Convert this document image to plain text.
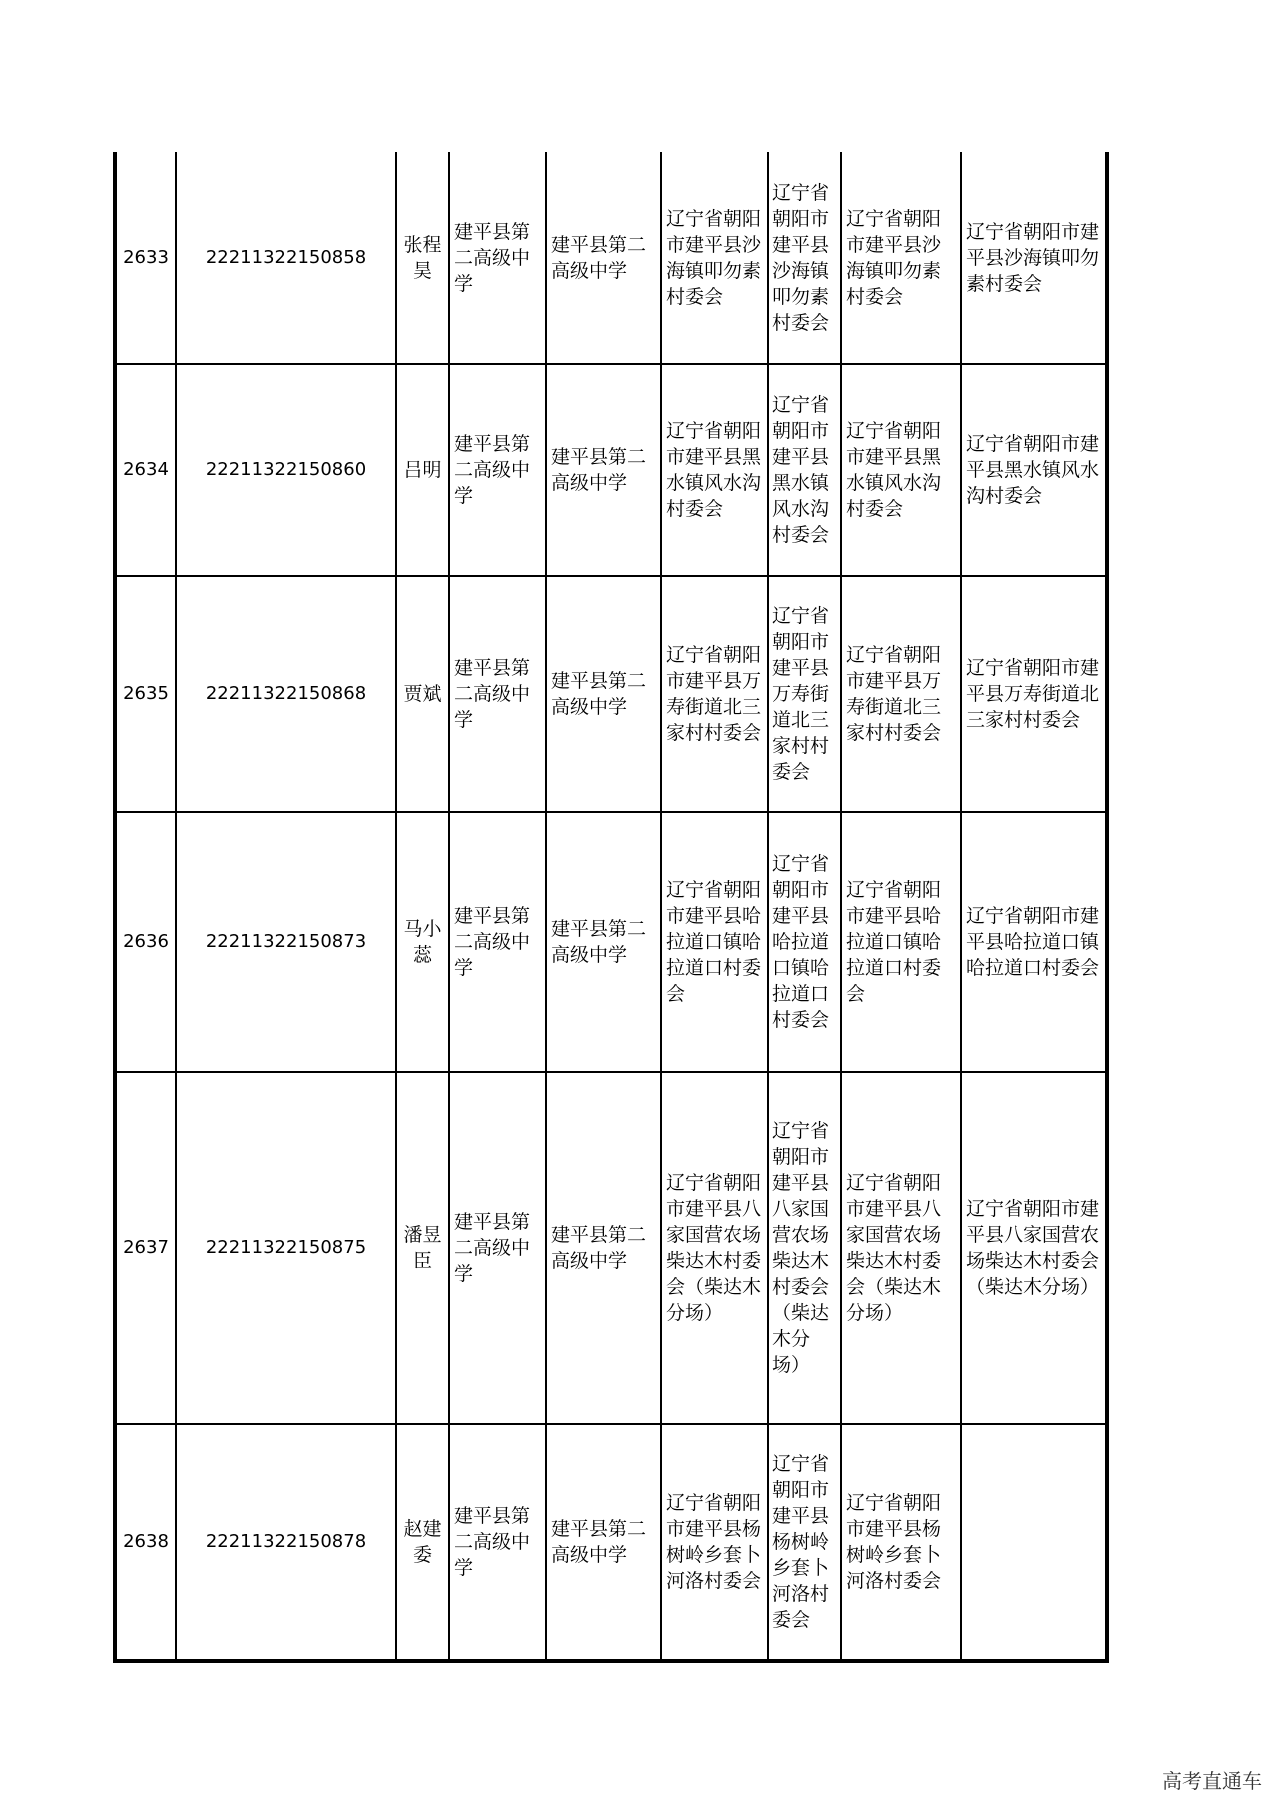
2633	22211322150858	张程昊	建平县第二高级中学	建平县第二高级中学	辽宁省朝阳市建平县沙海镇叩勿素村委会	辽宁省朝阳市建平县沙海镇叩勿素村委会	辽宁省朝阳市建平县沙海镇叩勿素村委会	辽宁省朝阳市建平县沙海镇叩勿素村委会
2634	22211322150860	吕明	建平县第二高级中学	建平县第二高级中学	辽宁省朝阳市建平县黑水镇风水沟村委会	辽宁省朝阳市建平县黑水镇风水沟村委会	辽宁省朝阳市建平县黑水镇风水沟村委会	辽宁省朝阳市建平县黑水镇风水沟村委会
2635	22211322150868	贾斌	建平县第二高级中学	建平县第二高级中学	辽宁省朝阳市建平县万寿街道北三家村村委会	辽宁省朝阳市建平县万寿街道北三家村村委会	辽宁省朝阳市建平县万寿街道北三家村村委会	辽宁省朝阳市建平县万寿街道北三家村村委会
2636	22211322150873	马小蕊	建平县第二高级中学	建平县第二高级中学	辽宁省朝阳市建平县哈拉道口镇哈拉道口村委会	辽宁省朝阳市建平县哈拉道口镇哈拉道口村委会	辽宁省朝阳市建平县哈拉道口镇哈拉道口村委会	辽宁省朝阳市建平县哈拉道口镇哈拉道口村委会
2637	22211322150875	潘昱臣	建平县第二高级中学	建平县第二高级中学	辽宁省朝阳市建平县八家国营农场柴达木村委会（柴达木分场）	辽宁省朝阳市建平县八家国营农场柴达木村委会（柴达木分场）	辽宁省朝阳市建平县八家国营农场柴达木村委会（柴达木分场）	辽宁省朝阳市建平县八家国营农场柴达木村委会（柴达木分场）
2638	22211322150878	赵建委	建平县第二高级中学	建平县第二高级中学	辽宁省朝阳市建平县杨树岭乡套卜河洛村委会	辽宁省朝阳市建平县杨树岭乡套卜河洛村委会	辽宁省朝阳市建平县杨树岭乡套卜河洛村委会	
高考直通车
